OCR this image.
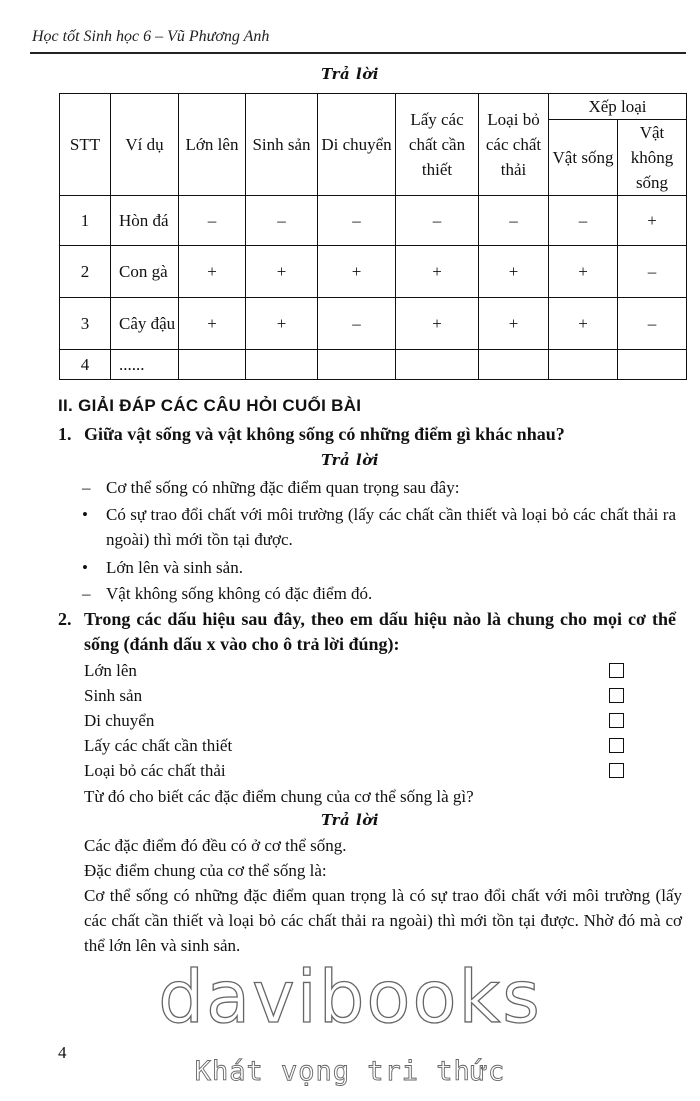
Học tốt Sinh học 6 – Vũ Phương Anh
Trả lời
STT	Ví dụ	Lớn lên	Sinh sản	Di chuyển	Lấy các chất cần thiết	Loại bỏ các chất thải	Xếp loại	
							Vật sống	Vật không sống
1	Hòn đá	–	–	–	–	–	–	+
2	Con gà	+	+	+	+	+	+	–
3	Cây đậu	+	+	–	+	+	+	–
4	......							
II. GIẢI ĐÁP CÁC CÂU HỎI CUỐI BÀI
1. Giữa vật sống và vật không sống có những điểm gì khác nhau?
Trả lời
– Cơ thể sống có những đặc điểm quan trọng sau đây:
• Có sự trao đổi chất với môi trường (lấy các chất cần thiết và loại bỏ các chất thải ra ngoài) thì mới tồn tại được.
• Lớn lên và sinh sản.
– Vật không sống không có đặc điểm đó.
2. Trong các dấu hiệu sau đây, theo em dấu hiệu nào là chung cho mọi cơ thể sống (đánh dấu x vào cho ô trả lời đúng):
Lớn lên
Sinh sản
Di chuyển
Lấy các chất cần thiết
Loại bỏ các chất thải
Từ đó cho biết các đặc điểm chung của cơ thể sống là gì?
Trả lời
Các đặc điểm đó đều có ở cơ thể sống.
Đặc điểm chung của cơ thể sống là:
Cơ thể sống có những đặc điểm quan trọng là có sự trao đổi chất với môi trường (lấy các chất cần thiết và loại bỏ các chất thải ra ngoài) thì mới tồn tại được. Nhờ đó mà cơ thể lớn lên và sinh sản.
davibooks
4
Khát vọng tri thức
